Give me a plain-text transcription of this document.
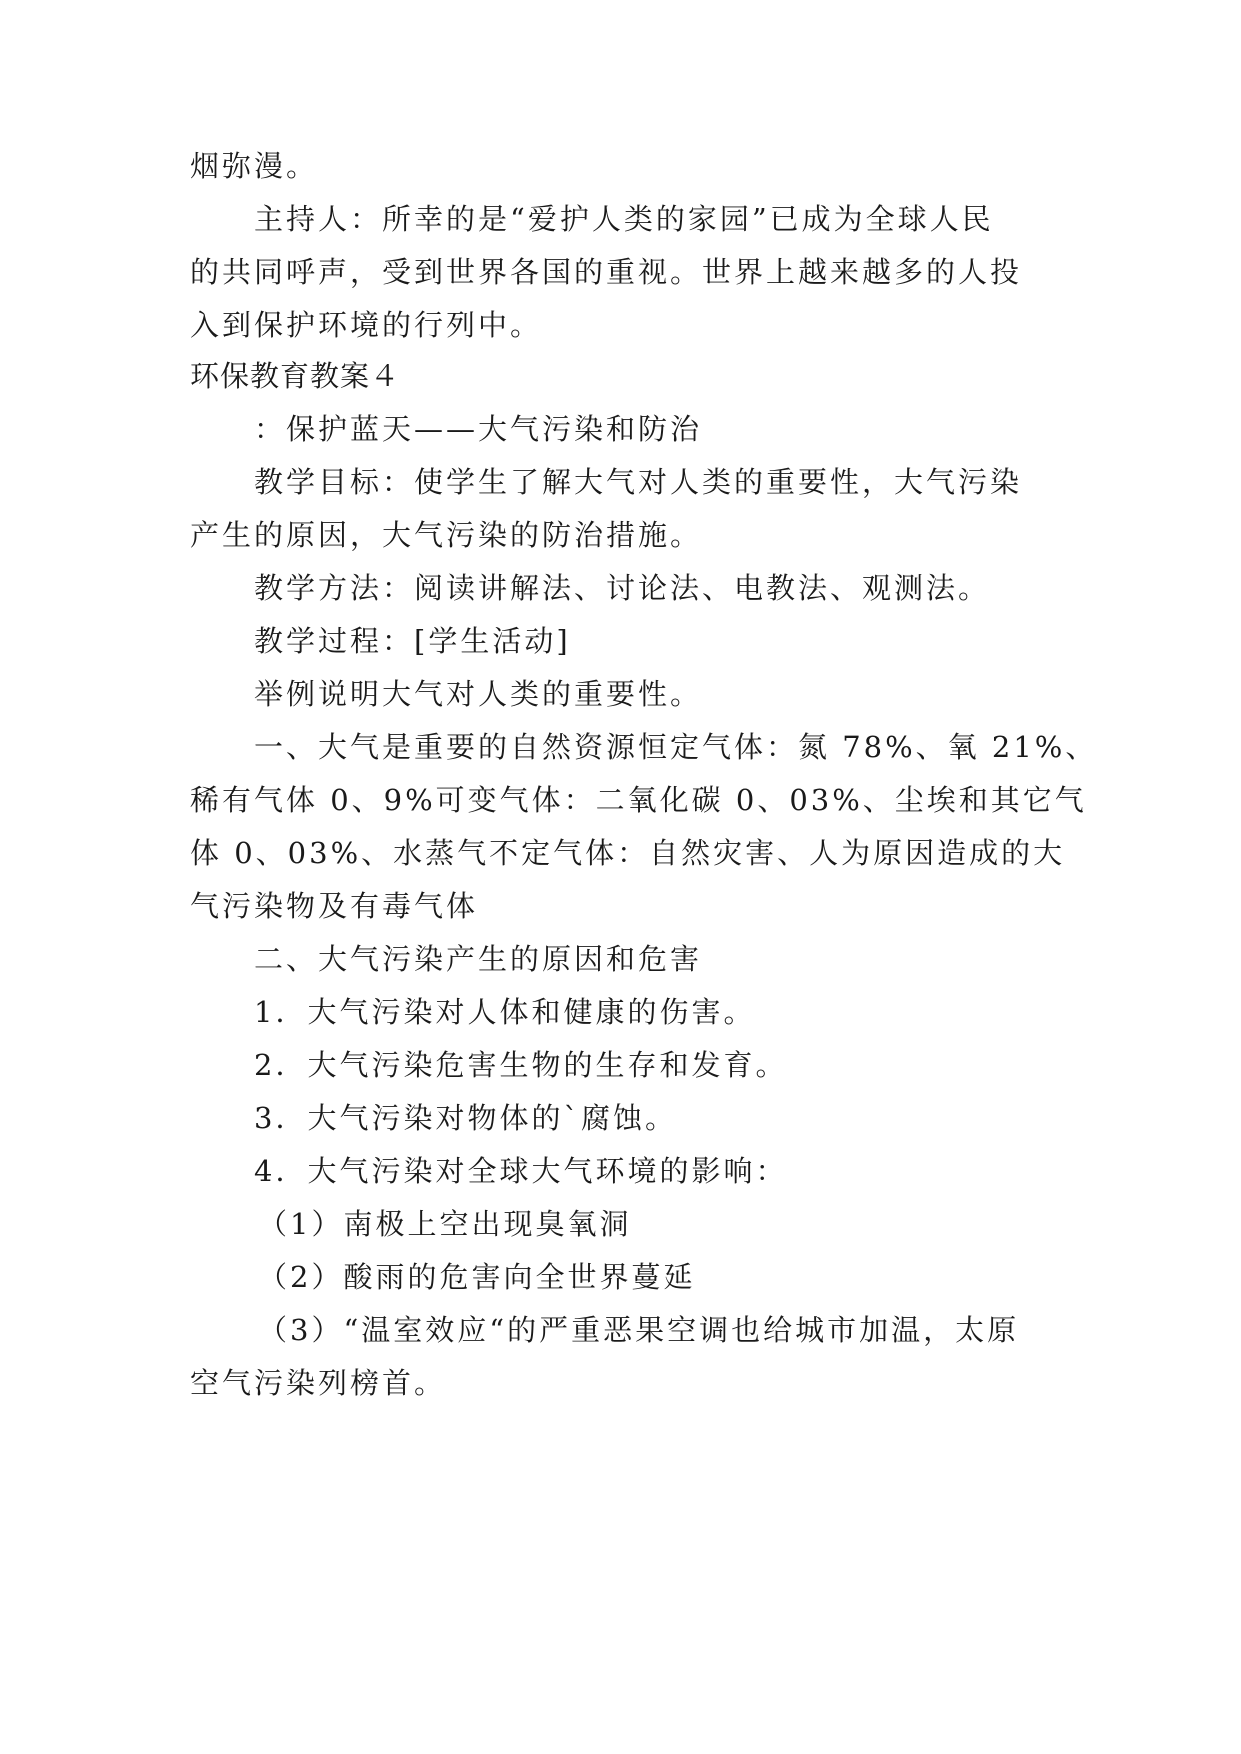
烟弥漫。
主持人：所幸的是“爱护人类的家园”已成为全球人民
的共同呼声，受到世界各国的重视。世界上越来越多的人投
入到保护环境的行列中。
环保教育教案４
：保护蓝天——大气污染和防治
教学目标：使学生了解大气对人类的重要性，大气污染
产生的原因，大气污染的防治措施。
教学方法：阅读讲解法、讨论法、电教法、观测法。
教学过程：[学生活动]
举例说明大气对人类的重要性。
一、大气是重要的自然资源恒定气体：氮 78%、氧 21%、
稀有气体 0、9%可变气体：二氧化碳 0、03%、尘埃和其它气
体 0、03%、水蒸气不定气体：自然灾害、人为原因造成的大
气污染物及有毒气体
二、大气污染产生的原因和危害
1．大气污染对人体和健康的伤害。
2．大气污染危害生物的生存和发育。
3．大气污染对物体的`腐蚀。
4．大气污染对全球大气环境的影响：
（1）南极上空出现臭氧洞
（2）酸雨的危害向全世界蔓延
（3）“温室效应“的严重恶果空调也给城市加温，太原
空气污染列榜首。
